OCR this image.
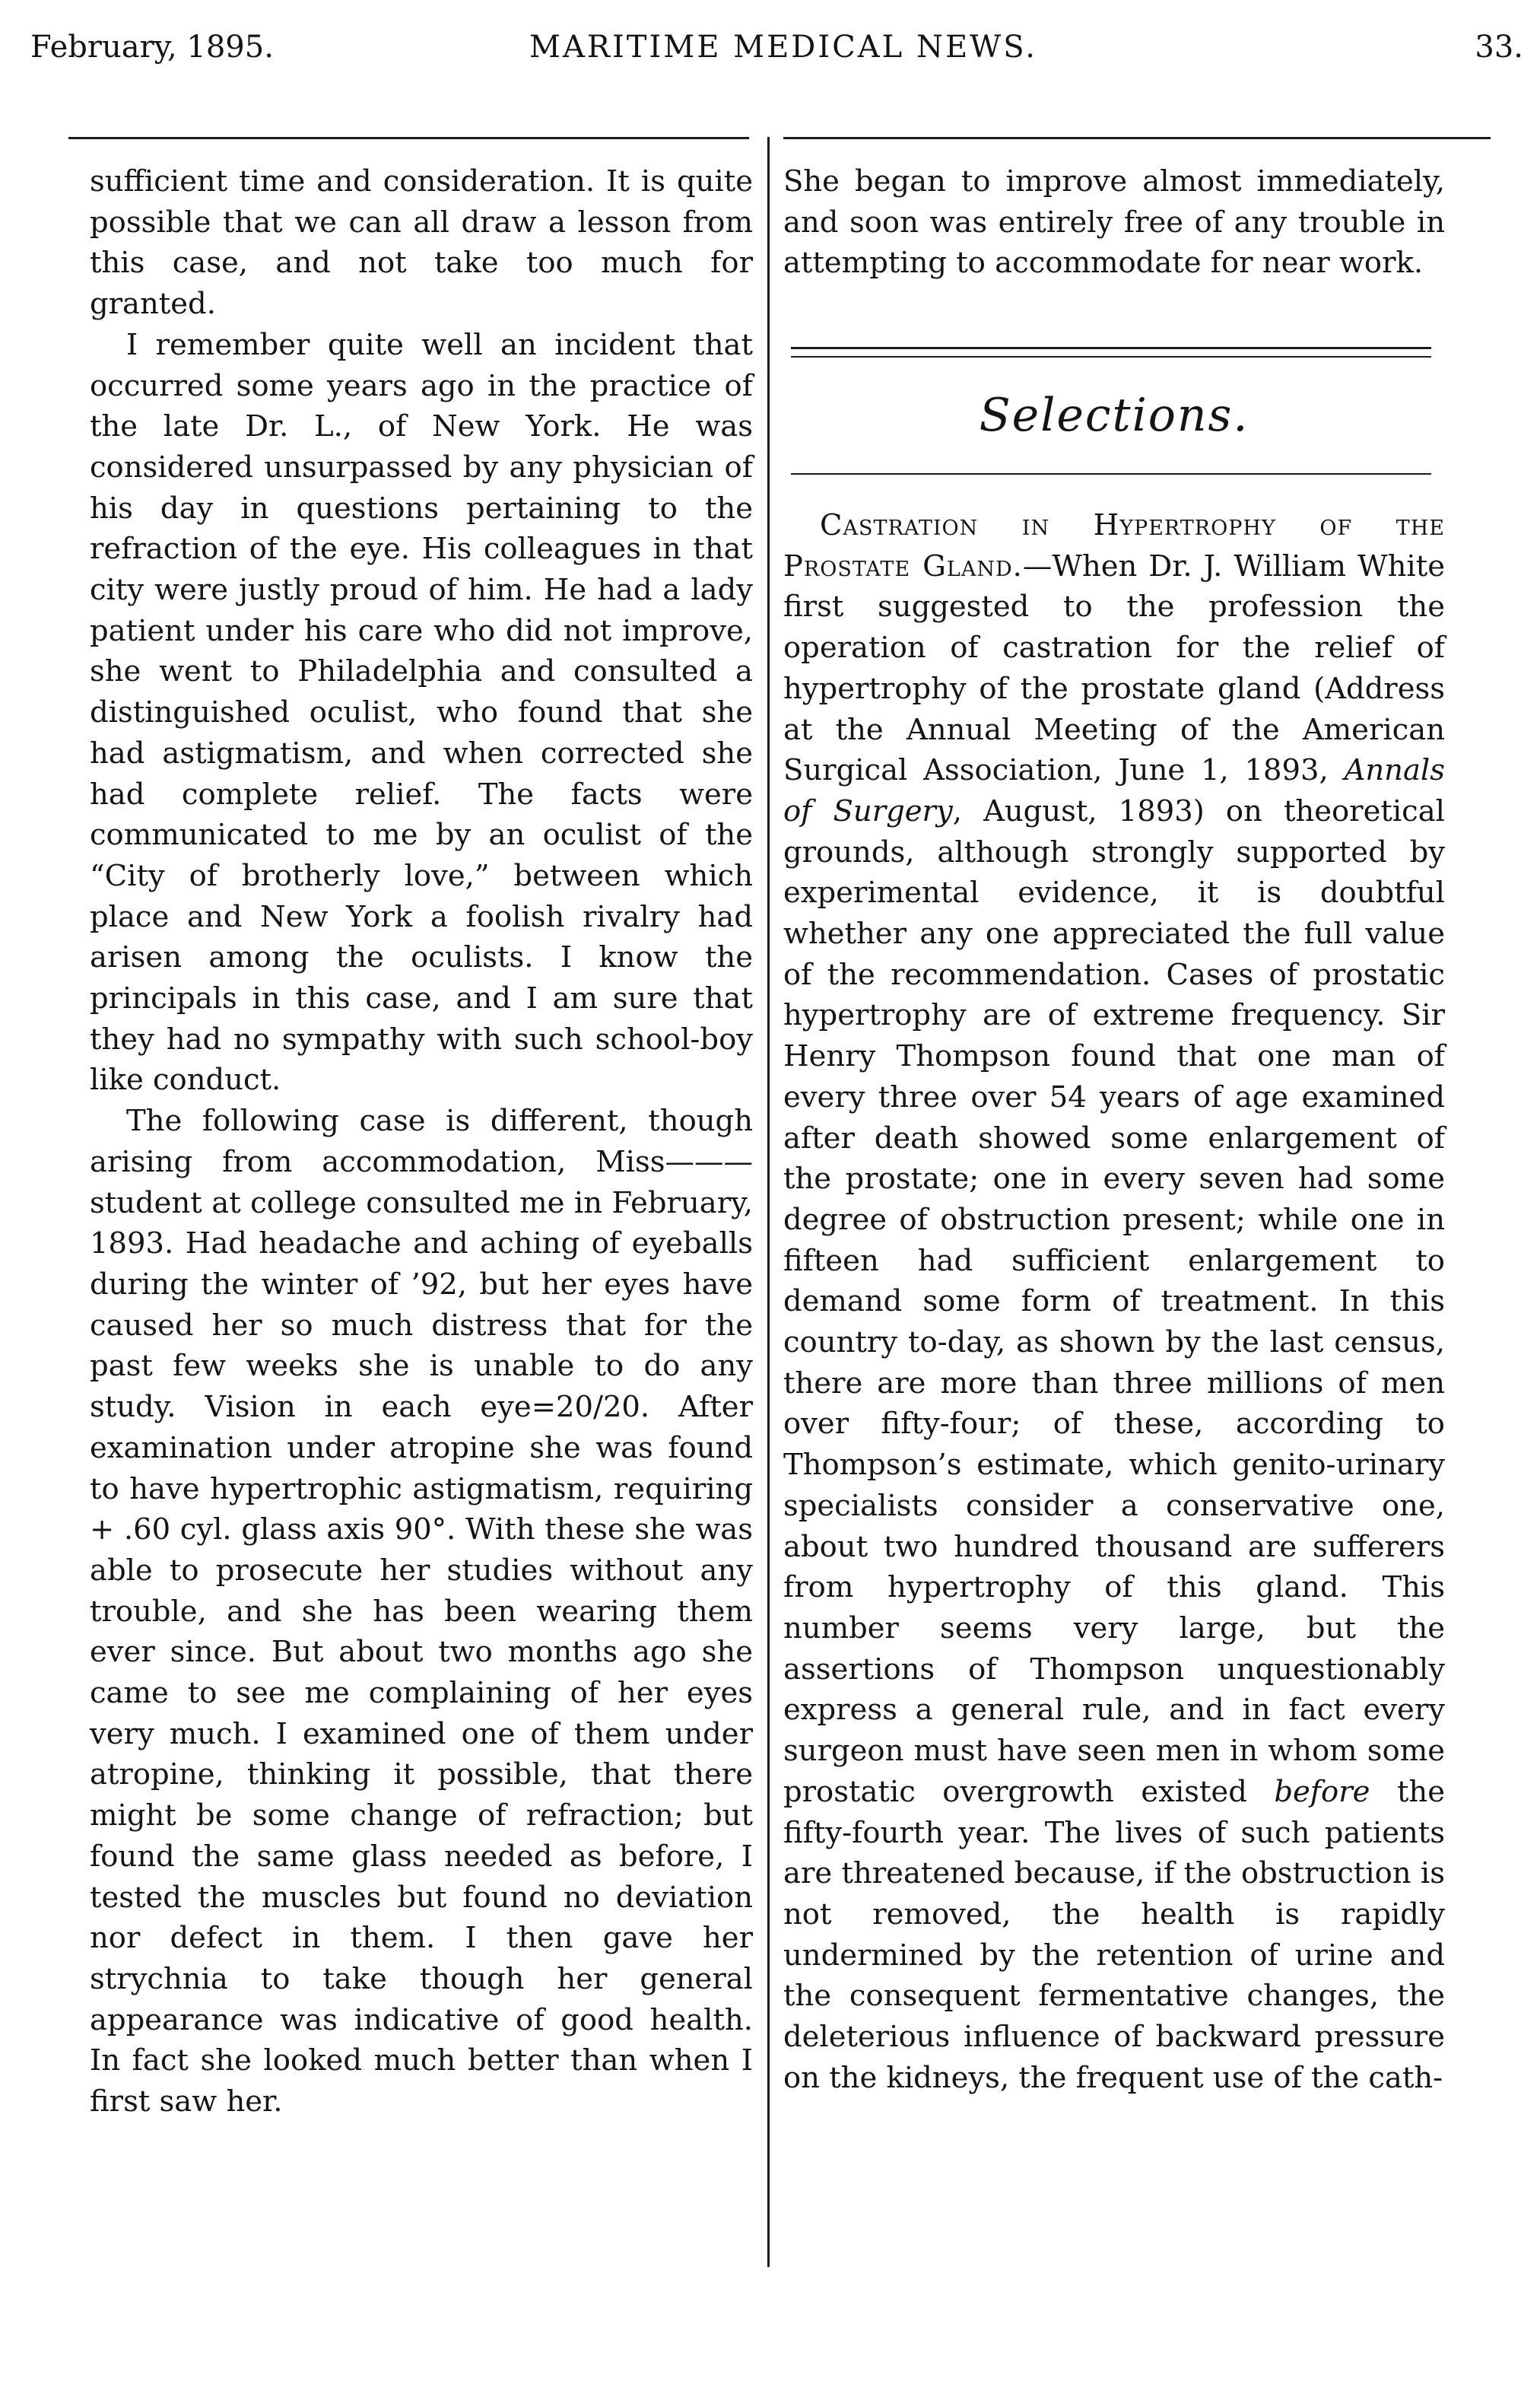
February, 1895.	MARITIME MEDICAL NEWS.	33.

sufficient time and consideration. It is quite possible that we can all draw a lesson from this case, and not take too much for granted.

I remember quite well an incident that occurred some years ago in the practice of the late Dr. L., of New York. He was considered unsurpassed by any physician of his day in questions pertaining to the refraction of the eye. His colleagues in that city were justly proud of him. He had a lady patient under his care who did not improve, she went to Philadelphia and consulted a distinguished oculist, who found that she had astigmatism, and when corrected she had complete relief. The facts were communicated to me by an oculist of the “City of brotherly love,” between which place and New York a foolish rivalry had arisen among the oculists. I know the principals in this case, and I am sure that they had no sympathy with such school-boy like conduct.

The following case is different, though arising from accommodation, Miss———student at college consulted me in February, 1893. Had headache and aching of eyeballs during the winter of ’92, but her eyes have caused her so much distress that for the past few weeks she is unable to do any study. Vision in each eye=20/20. After examination under atropine she was found to have hypertrophic astigmatism, requiring + .60 cyl. glass axis 90°. With these she was able to prosecute her studies without any trouble, and she has been wearing them ever since. But about two months ago she came to see me complaining of her eyes very much. I examined one of them under atropine, thinking it possible, that there might be some change of refraction; but found the same glass needed as before, I tested the muscles but found no deviation nor defect in them. I then gave her strychnia to take though her general appearance was indicative of good health. In fact she looked much better than when I first saw her.

She began to improve almost immediately, and soon was entirely free of any trouble in attempting to accommodate for near work.

Selections.

Castration in Hypertrophy of the Prostate Gland.—When Dr. J. William White first suggested to the profession the operation of castration for the relief of hypertrophy of the prostate gland (Address at the Annual Meeting of the American Surgical Association, June 1, 1893, Annals of Surgery, August, 1893) on theoretical grounds, although strongly supported by experimental evidence, it is doubtful whether any one appreciated the full value of the recommendation. Cases of prostatic hypertrophy are of extreme frequency. Sir Henry Thompson found that one man of every three over 54 years of age examined after death showed some enlargement of the prostate; one in every seven had some degree of obstruction present; while one in fifteen had sufficient enlargement to demand some form of treatment. In this country to-day, as shown by the last census, there are more than three millions of men over fifty-four; of these, according to Thompson’s estimate, which genito-urinary specialists consider a conservative one, about two hundred thousand are sufferers from hypertrophy of this gland. This number seems very large, but the assertions of Thompson unquestionably express a general rule, and in fact every surgeon must have seen men in whom some prostatic overgrowth existed before the fifty-fourth year. The lives of such patients are threatened because, if the obstruction is not removed, the health is rapidly undermined by the retention of urine and the consequent fermentative changes, the deleterious influence of backward pressure on the kidneys, the frequent use of the cath-
